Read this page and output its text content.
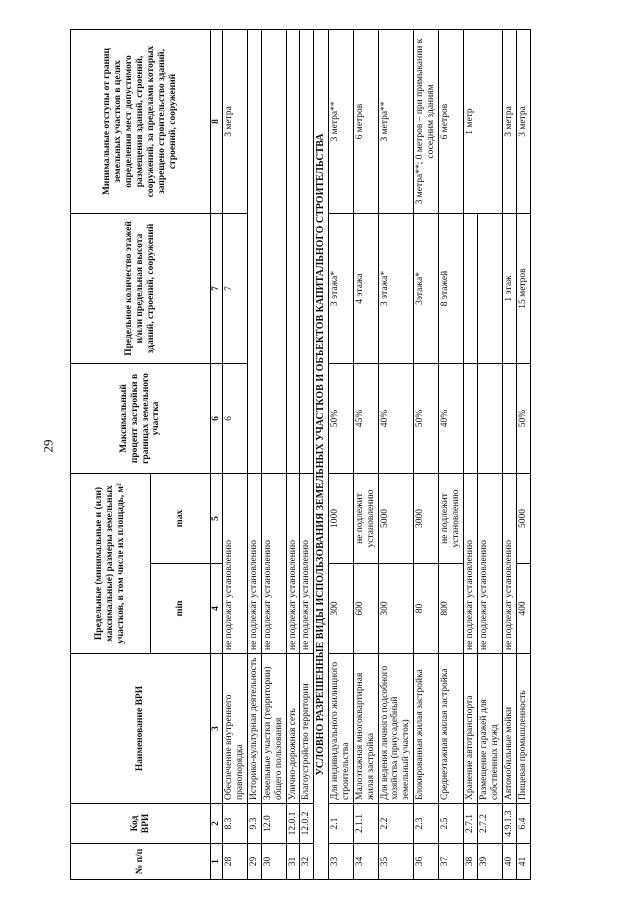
29
№ п/п	Код ВРИ	Наименование ВРИ	Предельные (минимальные и (или) максимальные) размеры земельных участков, в том числе их площадь, м²		Максимальный процент застройки в границах земельного участка	Предельное количество этажей и/или предельная высота зданий, строений, сооружений	Минимальные отступы от границ земельных участков в целях определения мест допустимого размещения зданий, строений, сооружений, за пределами которых запрещено строительство зданий, строений, сооружений
			min	max			
1	2	3	4	5	6	7	8
28	8.3	Обеспечение внутреннего правопорядка	не подлежат установлению		6	7	3 метра
29	9.3	Историко-культурная деятельность	не подлежат установлению				
30	12.0	Земельные участки (территории) общего пользования	не подлежат установлению				
31	12.0.1	Улично-дорожная сеть	не подлежат установлению				
32	12.0.2	Благоустройство территории	не подлежат установлению				
УСЛОВНО РАЗРЕШЕННЫЕ ВИДЫ ИСПОЛЬЗОВАНИЯ ЗЕМЕЛЬНЫХ УЧАСТКОВ И ОБЪЕКТОВ КАПИТАЛЬНОГО СТРОИТЕЛЬСТВА							
33	2.1	Для индивидуального жилищного строительства	300	1000	50%	3 этажа*	3 метра**
34	2.1.1	Малоэтажная многоквартирная жилая застройка	600	не подлежит установлению	45%	4 этажа	6 метров
35	2.2	Для ведения личного подсобного хозяйства (приусадебный земельный участок)	300	5000	40%	3 этажа*	3 метра**
36	2.3	Блокированная жилая застройка	80	3000	50%	3этажа*	3 метра**; 0 метров – при примыкании к соседним зданиям
37	2.5	Среднеэтажная жилая застройка	800	не подлежит установлению	40%	8 этажей	6 метров
38	2.7.1	Хранение автотранспорта	не подлежат установлению				1 метр
39	2.7.2	Размещение гаражей для собственных нужд	не подлежат установлению				
40	4.9.1.3	Автомобильные мойки	не подлежат установлению			1 этаж	3 метра
41	6.4	Пищевая промышленность	400	5000	50%	15 метров	3 метра
